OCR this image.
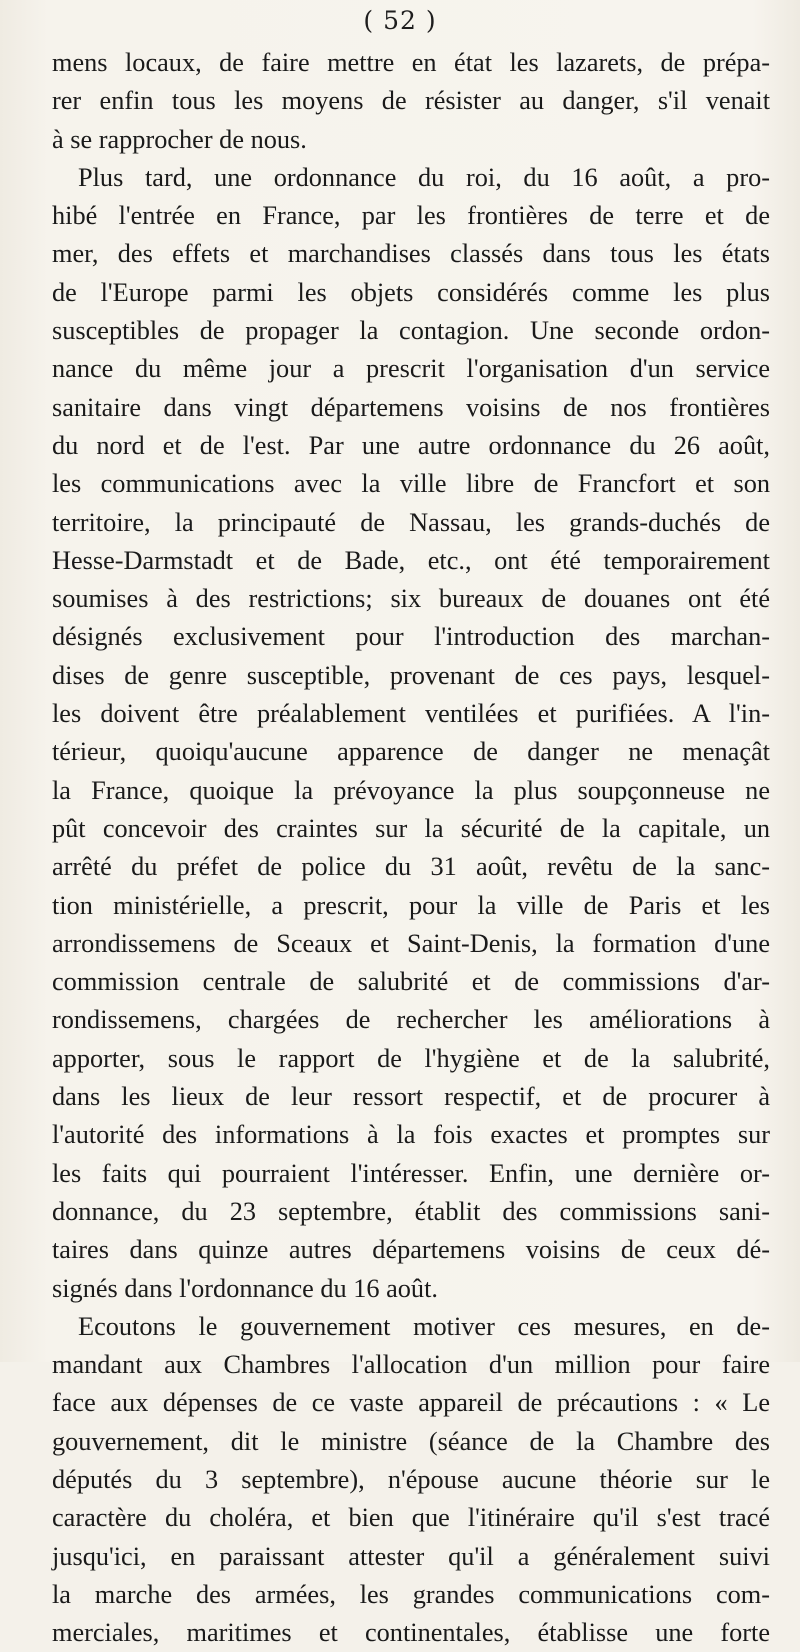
( 52 )
mens locaux, de faire mettre en état les lazarets, de prépa-
rer enfin tous les moyens de résister au danger, s'il venait
à se rapprocher de nous.
Plus tard, une ordonnance du roi, du 16 août, a pro-
hibé l'entrée en France, par les frontières de terre et de
mer, des effets et marchandises classés dans tous les états
de l'Europe parmi les objets considérés comme les plus
susceptibles de propager la contagion. Une seconde ordon-
nance du même jour a prescrit l'organisation d'un service
sanitaire dans vingt départemens voisins de nos frontières
du nord et de l'est. Par une autre ordonnance du 26 août,
les communications avec la ville libre de Francfort et son
territoire, la principauté de Nassau, les grands-duchés de
Hesse-Darmstadt et de Bade, etc., ont été temporairement
soumises à des restrictions; six bureaux de douanes ont été
désignés exclusivement pour l'introduction des marchan-
dises de genre susceptible, provenant de ces pays, lesquel-
les doivent être préalablement ventilées et purifiées. A l'in-
térieur, quoiqu'aucune apparence de danger ne menaçât
la France, quoique la prévoyance la plus soupçonneuse ne
pût concevoir des craintes sur la sécurité de la capitale, un
arrêté du préfet de police du 31 août, revêtu de la sanc-
tion ministérielle, a prescrit, pour la ville de Paris et les
arrondissemens de Sceaux et Saint-Denis, la formation d'une
commission centrale de salubrité et de commissions d'ar-
rondissemens, chargées de rechercher les améliorations à
apporter, sous le rapport de l'hygiène et de la salubrité,
dans les lieux de leur ressort respectif, et de procurer à
l'autorité des informations à la fois exactes et promptes sur
les faits qui pourraient l'intéresser. Enfin, une dernière or-
donnance, du 23 septembre, établit des commissions sani-
taires dans quinze autres départemens voisins de ceux dé-
signés dans l'ordonnance du 16 août.
Ecoutons le gouvernement motiver ces mesures, en de-
mandant aux Chambres l'allocation d'un million pour faire
face aux dépenses de ce vaste appareil de précautions : « Le
gouvernement, dit le ministre (séance de la Chambre des
députés du 3 septembre), n'épouse aucune théorie sur le
caractère du choléra, et bien que l'itinéraire qu'il s'est tracé
jusqu'ici, en paraissant attester qu'il a généralement suivi
la marche des armées, les grandes communications com-
merciales, maritimes et continentales, établisse une forte
